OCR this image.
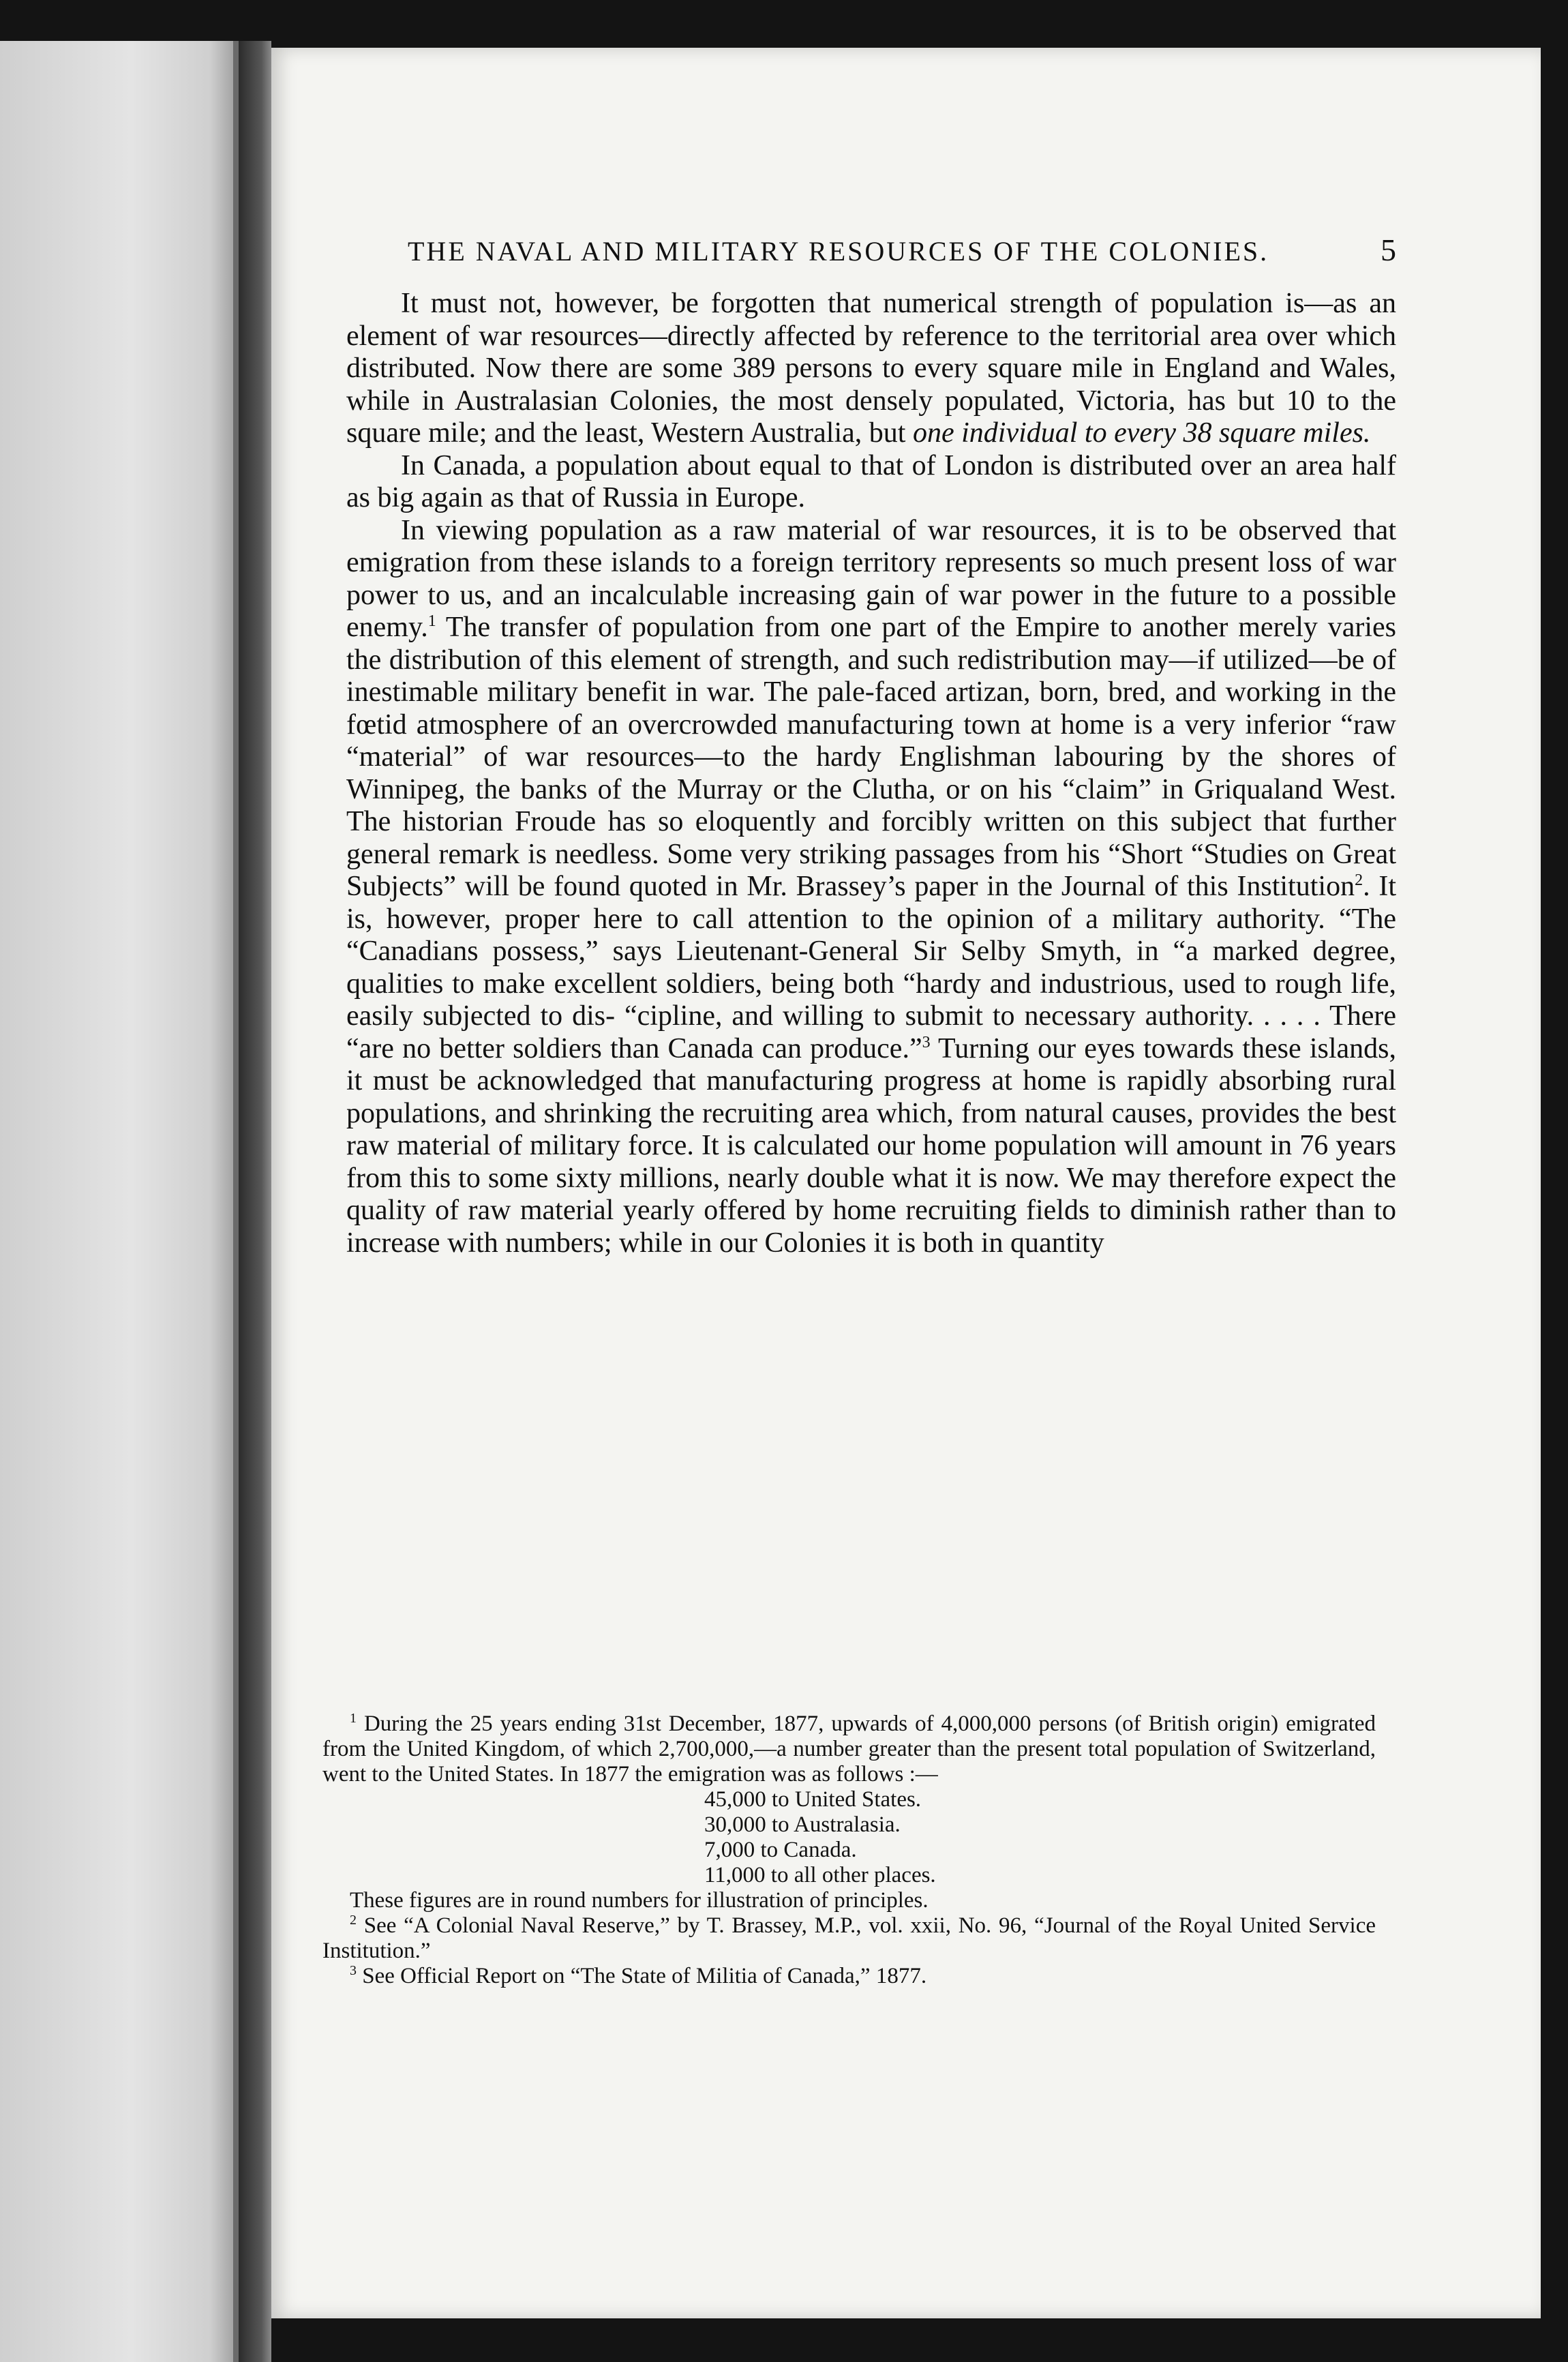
THE NAVAL AND MILITARY RESOURCES OF THE COLONIES.	5

It must not, however, be forgotten that numerical strength of population is—as an element of war resources—directly affected by reference to the territorial area over which distributed. Now there are some 389 persons to every square mile in England and Wales, while in Australasian Colonies, the most densely populated, Victoria, has but 10 to the square mile; and the least, Western Australia, but one individual to every 38 square miles.

In Canada, a population about equal to that of London is distributed over an area half as big again as that of Russia in Europe.

In viewing population as a raw material of war resources, it is to be observed that emigration from these islands to a foreign territory represents so much present loss of war power to us, and an incalculable increasing gain of war power in the future to a possible enemy.$^1$ The transfer of population from one part of the Empire to another merely varies the distribution of this element of strength, and such redistribution may—if utilized—be of inestimable military benefit in war. The pale-faced artizan, born, bred, and working in the fœtid atmosphere of an overcrowded manufacturing town at home is a very inferior “raw “material” of war resources—to the hardy Englishman labouring by the shores of Winnipeg, the banks of the Murray or the Clutha, or on his “claim” in Griqualand West. The historian Froude has so eloquently and forcibly written on this subject that further general remark is needless. Some very striking passages from his “Short “Studies on Great Subjects” will be found quoted in Mr. Brassey’s paper in the Journal of this Institution$^2$. It is, however, proper here to call attention to the opinion of a military authority. “The “Canadians possess,” says Lieutenant-General Sir Selby Smyth, in “a marked degree, qualities to make excellent soldiers, being both “hardy and industrious, used to rough life, easily subjected to dis- “cipline, and willing to submit to necessary authority. . . . . There “are no better soldiers than Canada can produce.”$^3$ Turning our eyes towards these islands, it must be acknowledged that manufacturing progress at home is rapidly absorbing rural populations, and shrinking the recruiting area which, from natural causes, provides the best raw material of military force. It is calculated our home population will amount in 76 years from this to some sixty millions, nearly double what it is now. We may therefore expect the quality of raw material yearly offered by home recruiting fields to diminish rather than to increase with numbers; while in our Colonies it is both in quantity

$^1$ During the 25 years ending 31st December, 1877, upwards of 4,000,000 persons (of British origin) emigrated from the United Kingdom, of which 2,700,000,—a number greater than the present total population of Switzerland, went to the United States. In 1877 the emigration was as follows :—

45,000 to United States.
30,000 to Australasia.
7,000 to Canada.
11,000 to all other places.

These figures are in round numbers for illustration of principles.

$^2$ See “A Colonial Naval Reserve,” by T. Brassey, M.P., vol. xxii, No. 96, “Journal of the Royal United Service Institution.”

$^3$ See Official Report on “The State of Militia of Canada,” 1877.
